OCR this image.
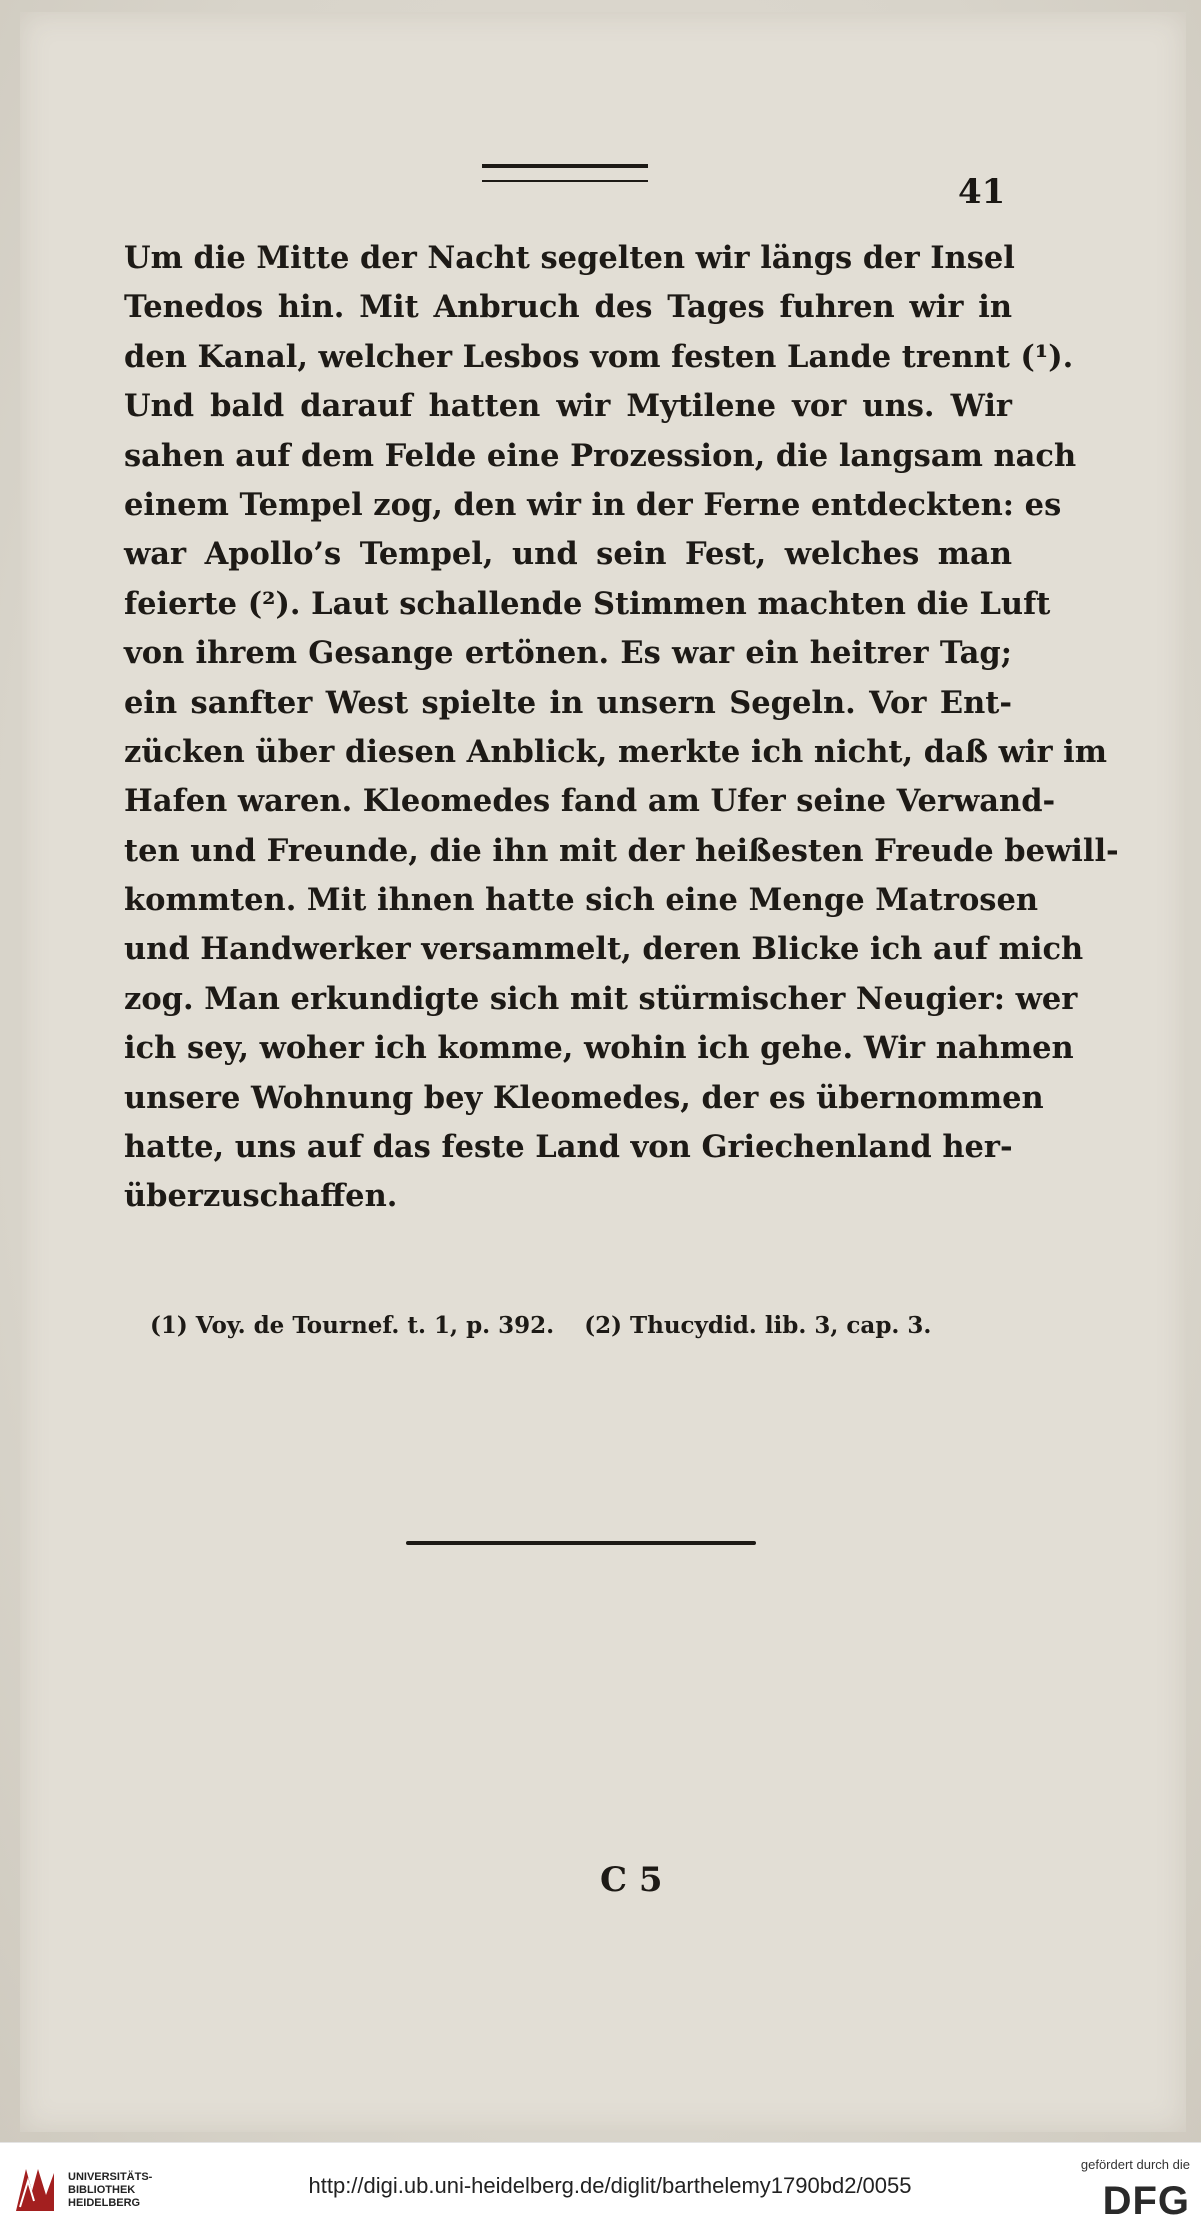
41
Um die Mitte der Nacht segelten wir längs der Insel
Tenedos hin. Mit Anbruch des Tages fuhren wir in
den Kanal, welcher Lesbos vom festen Lande trennt (¹).
Und bald darauf hatten wir Mytilene vor uns. Wir
sahen auf dem Felde eine Prozession, die langsam nach
einem Tempel zog, den wir in der Ferne entdeckten: es
war Apollo’s Tempel, und sein Fest, welches man
feierte (²). Laut schallende Stimmen machten die Luft
von ihrem Gesange ertönen. Es war ein heitrer Tag;
ein sanfter West spielte in unsern Segeln. Vor Ent-
zücken über diesen Anblick, merkte ich nicht, daß wir im
Hafen waren. Kleomedes fand am Ufer seine Verwand-
ten und Freunde, die ihn mit der heißesten Freude bewill-
kommten. Mit ihnen hatte sich eine Menge Matrosen
und Handwerker versammelt, deren Blicke ich auf mich
zog. Man erkundigte sich mit stürmischer Neugier: wer
ich sey, woher ich komme, wohin ich gehe. Wir nahmen
unsere Wohnung bey Kleomedes, der es übernommen
hatte, uns auf das feste Land von Griechenland her-
überzuschaffen.
(1) Voy. de Tournef. t. 1, p. 392. (2) Thucydid. lib. 3, cap. 3.
C 5
UNIVERSITÄTS-
BIBLIOTHEK
HEIDELBERG
http://digi.ub.uni-heidelberg.de/diglit/barthelemy1790bd2/0055
gefördert durch die
DFG
